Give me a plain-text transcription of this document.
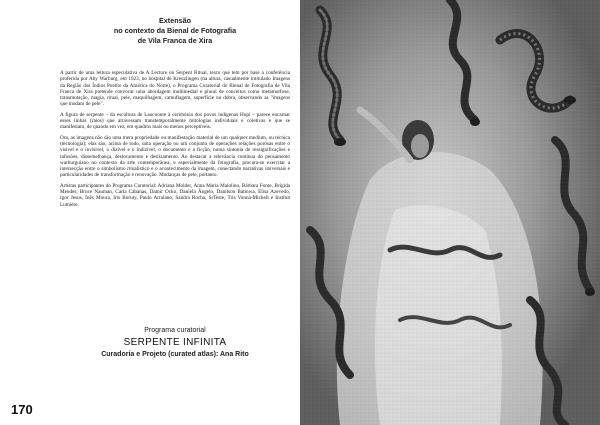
Extensão
no contexto da Bienal de Fotografia
de Vila Franca de Xira

A partir de uma leitura especulativa de A Lecture on Serpent Ritual, texto que tem por base a conferência proferida por Aby Warburg, em 1923, no hospital de Kreuzlingen (na altura, casualmente intitulado Imagens da Região dos Índios Pueblo da América do Norte), o Programa Curatorial do Bienal de Fotografia de Vila Franca de Xira pretende convocar uma abordagem multimedial e plural de conceitos como metamorfose, transmutação, magia, ritual, pele, maquilhagem, camuflagem, superfície ou dobra, observando as "imagens que mudam de pele".

A figura de serpente – da escultura de Laocoonte à cerimónia dos povos indígenas Hopi – parece encarnar esses linhas (raios) que atravessam transtemporalmente mitologias individuais e coletivas e que se manifestam, de quando em vez, em quadros mais ou menos perceptíveis.

Ora, as imagens não são uma mera propriedade ou manifestação material de um qualquer medium, ou técnica (tecnologia); elas são, acima de tudo, uma operação ou um conjunto de operações relações porosas entre o visível e o invisível, o dizível e o indizível, o documento e a ficção, numa sintonia de ressignificações e infusões, dissemelhança, deslocamento e deslizamento. Ao destacar a relevância contínua do pensamento warburguiano no contexto da arte contemporânea, e especialmente da fotografia, procura-se exercitar a intersecção entre o simbolismo ritualístico e o acontecimento da imagem, conectando narrativas universais e particularidades de transformação e renovação. Mudanças de pele, portanto.

Artistas participantes do Programa Curatorial: Adriana Molder, Anna Maria Maiolino, Bárbara Fonte, Brígida Mendes, Bruce Nauman, Carla Cabanas, Damir Ocko, Daniela Ângelo, Danilson Batinwa, Elisa Azevedo, Igor Jesus, Inês Moura, Iris Boruty, Paulo Arraiano, Sandra Rocha, SrTeste, Tris Vonna-Michell e Institut Lumière.

Programa curatorial
SERPENTE INFINITA
Curadoria e Projeto (curated atlas): Ana Rito
170
